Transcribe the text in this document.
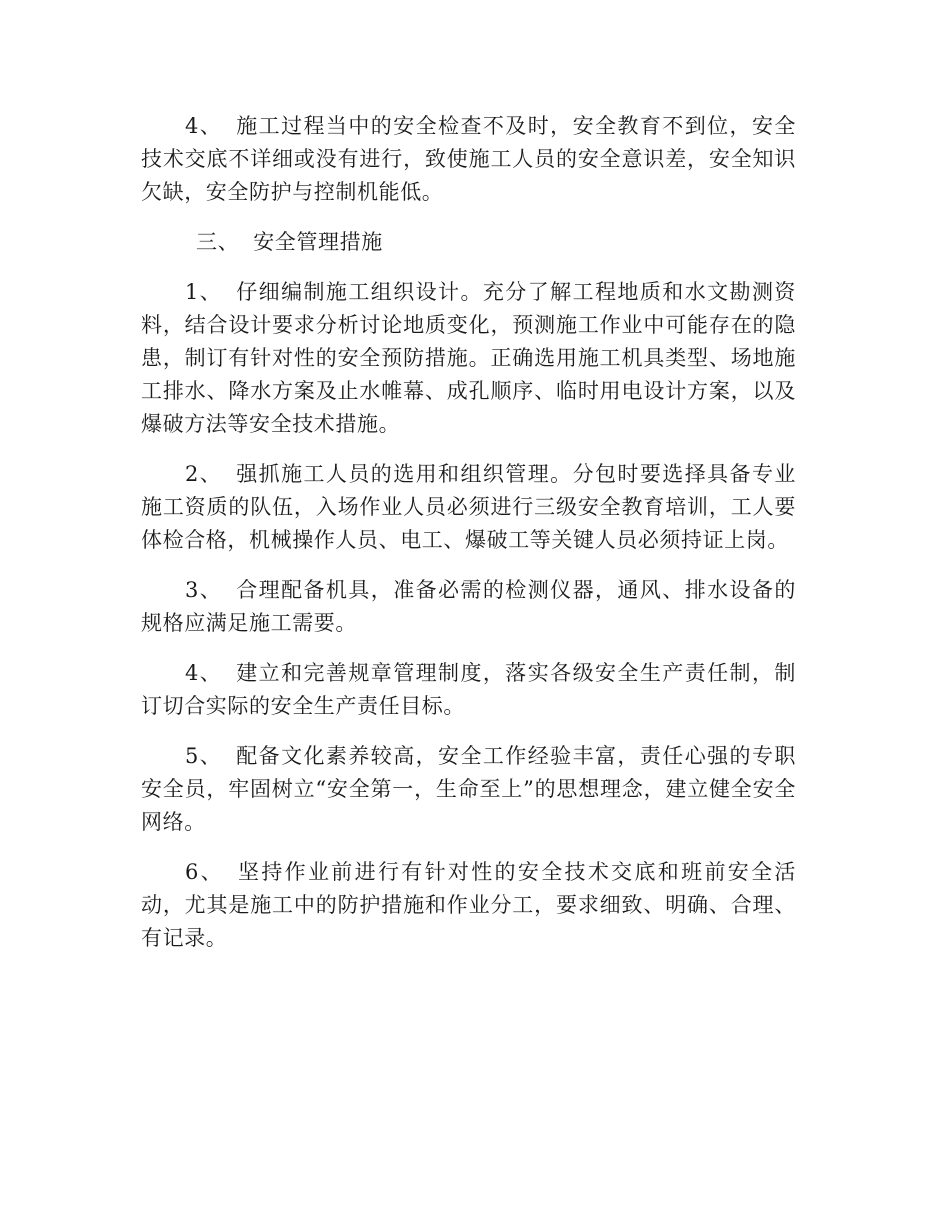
4、 施工过程当中的安全检查不及时，安全教育不到位，安全技术交底不详细或没有进行，致使施工人员的安全意识差，安全知识欠缺，安全防护与控制机能低。

三、 安全管理措施

1、 仔细编制施工组织设计。充分了解工程地质和水文勘测资料，结合设计要求分析讨论地质变化，预测施工作业中可能存在的隐患，制订有针对性的安全预防措施。正确选用施工机具类型、场地施工排水、降水方案及止水帷幕、成孔顺序、临时用电设计方案，以及爆破方法等安全技术措施。

2、 强抓施工人员的选用和组织管理。分包时要选择具备专业施工资质的队伍，入场作业人员必须进行三级安全教育培训，工人要体检合格，机械操作人员、电工、爆破工等关键人员必须持证上岗。

3、 合理配备机具，准备必需的检测仪器，通风、排水设备的规格应满足施工需要。

4、 建立和完善规章管理制度，落实各级安全生产责任制，制订切合实际的安全生产责任目标。

5、 配备文化素养较高，安全工作经验丰富，责任心强的专职安全员，牢固树立“安全第一，生命至上”的思想理念，建立健全安全网络。

6、 坚持作业前进行有针对性的安全技术交底和班前安全活动，尤其是施工中的防护措施和作业分工，要求细致、明确、合理、有记录。
